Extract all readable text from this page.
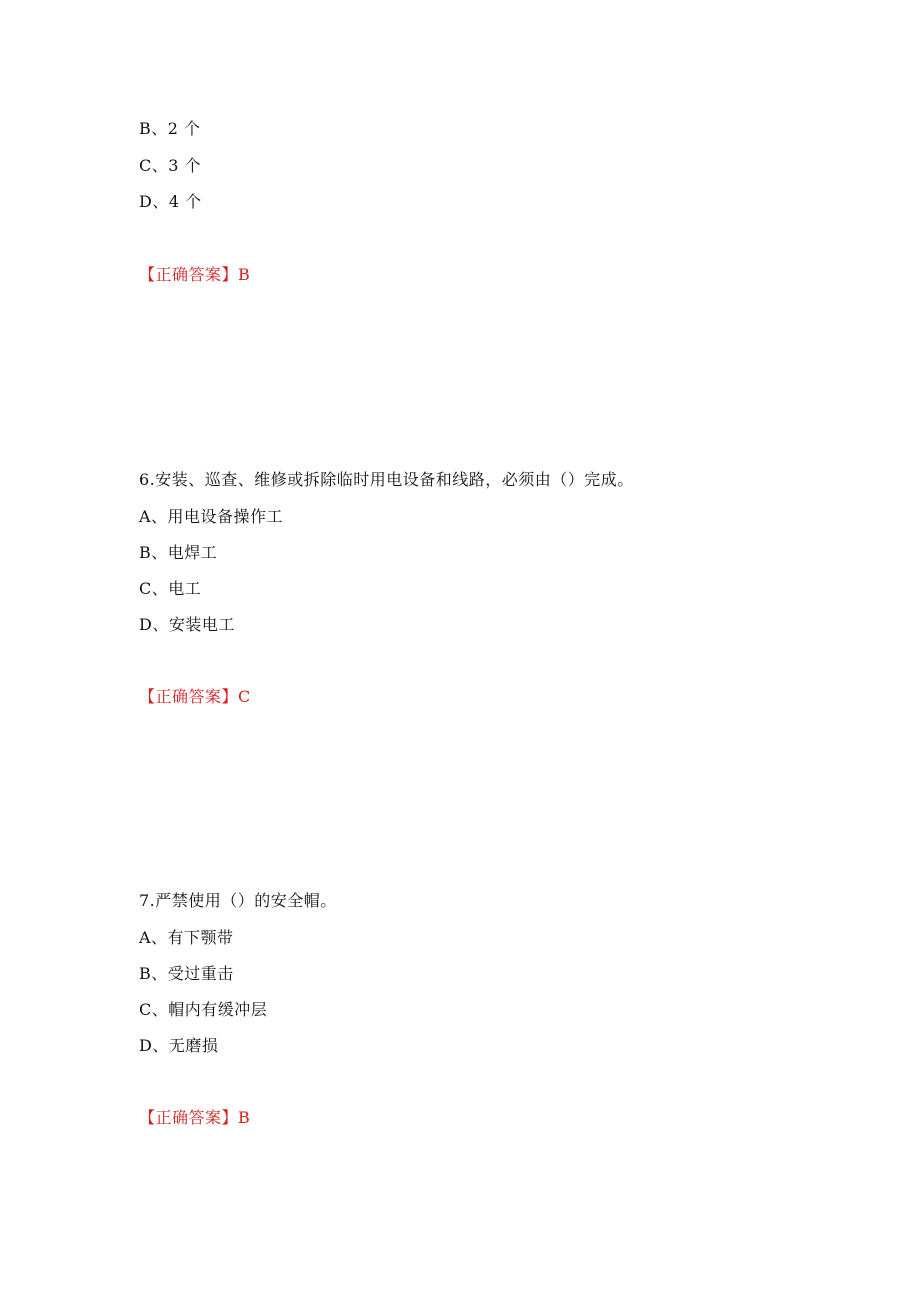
B、2 个
C、3 个
D、4 个
【正确答案】B
6.安装、巡查、维修或拆除临时用电设备和线路，必须由（）完成。
A、用电设备操作工
B、电焊工
C、电工
D、安装电工
【正确答案】C
7.严禁使用（）的安全帽。
A、有下颚带
B、受过重击
C、帽内有缓冲层
D、无磨损
【正确答案】B
